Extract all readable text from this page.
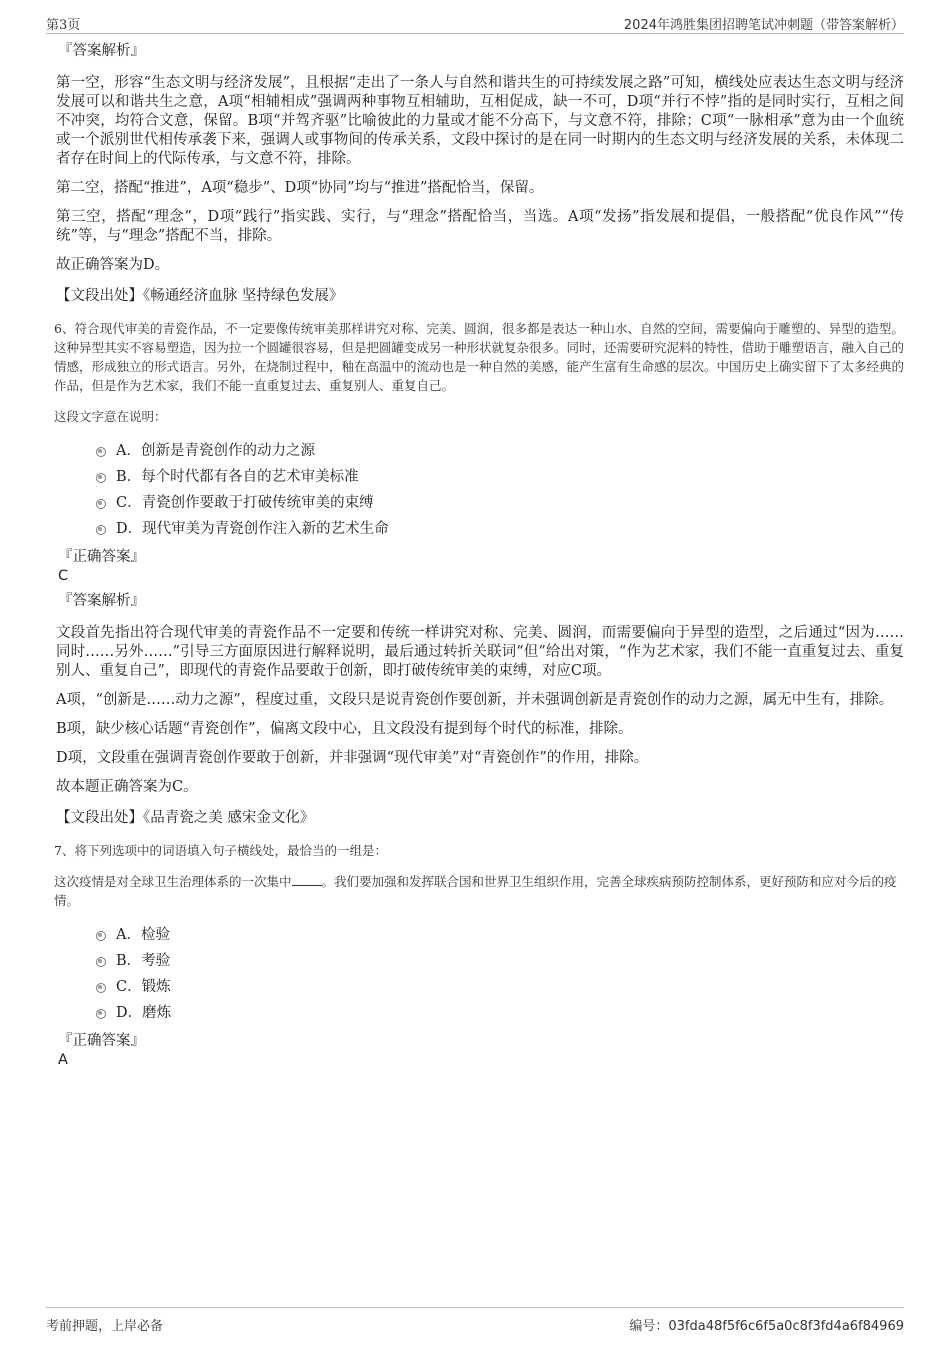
第3页	2024年鸿胜集团招聘笔试冲刺题（带答案解析）
『答案解析』

第一空，形容“生态文明与经济发展”，且根据“走出了一条人与自然和谐共生的可持续发展之路”可知，横线处应表达生态文明与经济发展可以和谐共生之意，A项“相辅相成”强调两种事物互相辅助，互相促成，缺一不可，D项“并行不悖”指的是同时实行，互相之间不冲突，均符合文意，保留。B项“并驾齐驱”比喻彼此的力量或才能不分高下，与文意不符，排除；C项“一脉相承”意为由一个血统或一个派别世代相传承袭下来，强调人或事物间的传承关系，文段中探讨的是在同一时期内的生态文明与经济发展的关系，未体现二者存在时间上的代际传承，与文意不符，排除。

第二空，搭配“推进”，A项“稳步”、D项“协同”均与“推进”搭配恰当，保留。

第三空，搭配“理念”，D项“践行”指实践、实行，与“理念”搭配恰当，当选。A项“发扬”指发展和提倡，一般搭配“优良作风”“传统”等，与“理念”搭配不当，排除。

故正确答案为D。

【文段出处】《畅通经济血脉 坚持绿色发展》

6、符合现代审美的青瓷作品，不一定要像传统审美那样讲究对称、完美、圆润，很多都是表达一种山水、自然的空间，需要偏向于雕塑的、异型的造型。这种异型其实不容易塑造，因为拉一个圆罐很容易，但是把圆罐变成另一种形状就复杂很多。同时，还需要研究泥料的特性，借助于雕塑语言，融入自己的情感，形成独立的形式语言。另外，在烧制过程中，釉在高温中的流动也是一种自然的美感，能产生富有生命感的层次。中国历史上确实留下了太多经典的作品，但是作为艺术家，我们不能一直重复过去、重复别人、重复自己。

这段文字意在说明：

A．创新是青瓷创作的动力之源
B．每个时代都有各自的艺术审美标准
C．青瓷创作要敢于打破传统审美的束缚
D．现代审美为青瓷创作注入新的艺术生命
『正确答案』
C
『答案解析』

文段首先指出符合现代审美的青瓷作品不一定要和传统一样讲究对称、完美、圆润，而需要偏向于异型的造型，之后通过“因为……同时……另外……”引导三方面原因进行解释说明，最后通过转折关联词“但”给出对策，“作为艺术家，我们不能一直重复过去、重复别人、重复自己”，即现代的青瓷作品要敢于创新，即打破传统审美的束缚，对应C项。

A项，“创新是……动力之源”，程度过重，文段只是说青瓷创作要创新，并未强调创新是青瓷创作的动力之源，属无中生有，排除。

B项，缺少核心话题“青瓷创作”，偏离文段中心，且文段没有提到每个时代的标准，排除。

D项，文段重在强调青瓷创作要敢于创新，并非强调“现代审美”对“青瓷创作”的作用，排除。

故本题正确答案为C。

【文段出处】《品青瓷之美 感宋金文化》

7、将下列选项中的词语填入句子横线处，最恰当的一组是：

这次疫情是对全球卫生治理体系的一次集中 。我们要加强和发挥联合国和世界卫生组织作用，完善全球疾病预防控制体系，更好预防和应对今后的疫情。

A．检验
B．考验
C．锻炼
D．磨炼
『正确答案』
A
考前押题，上岸必备	编号：03fda48f5f6c6f5a0c8f3fd4a6f84969
